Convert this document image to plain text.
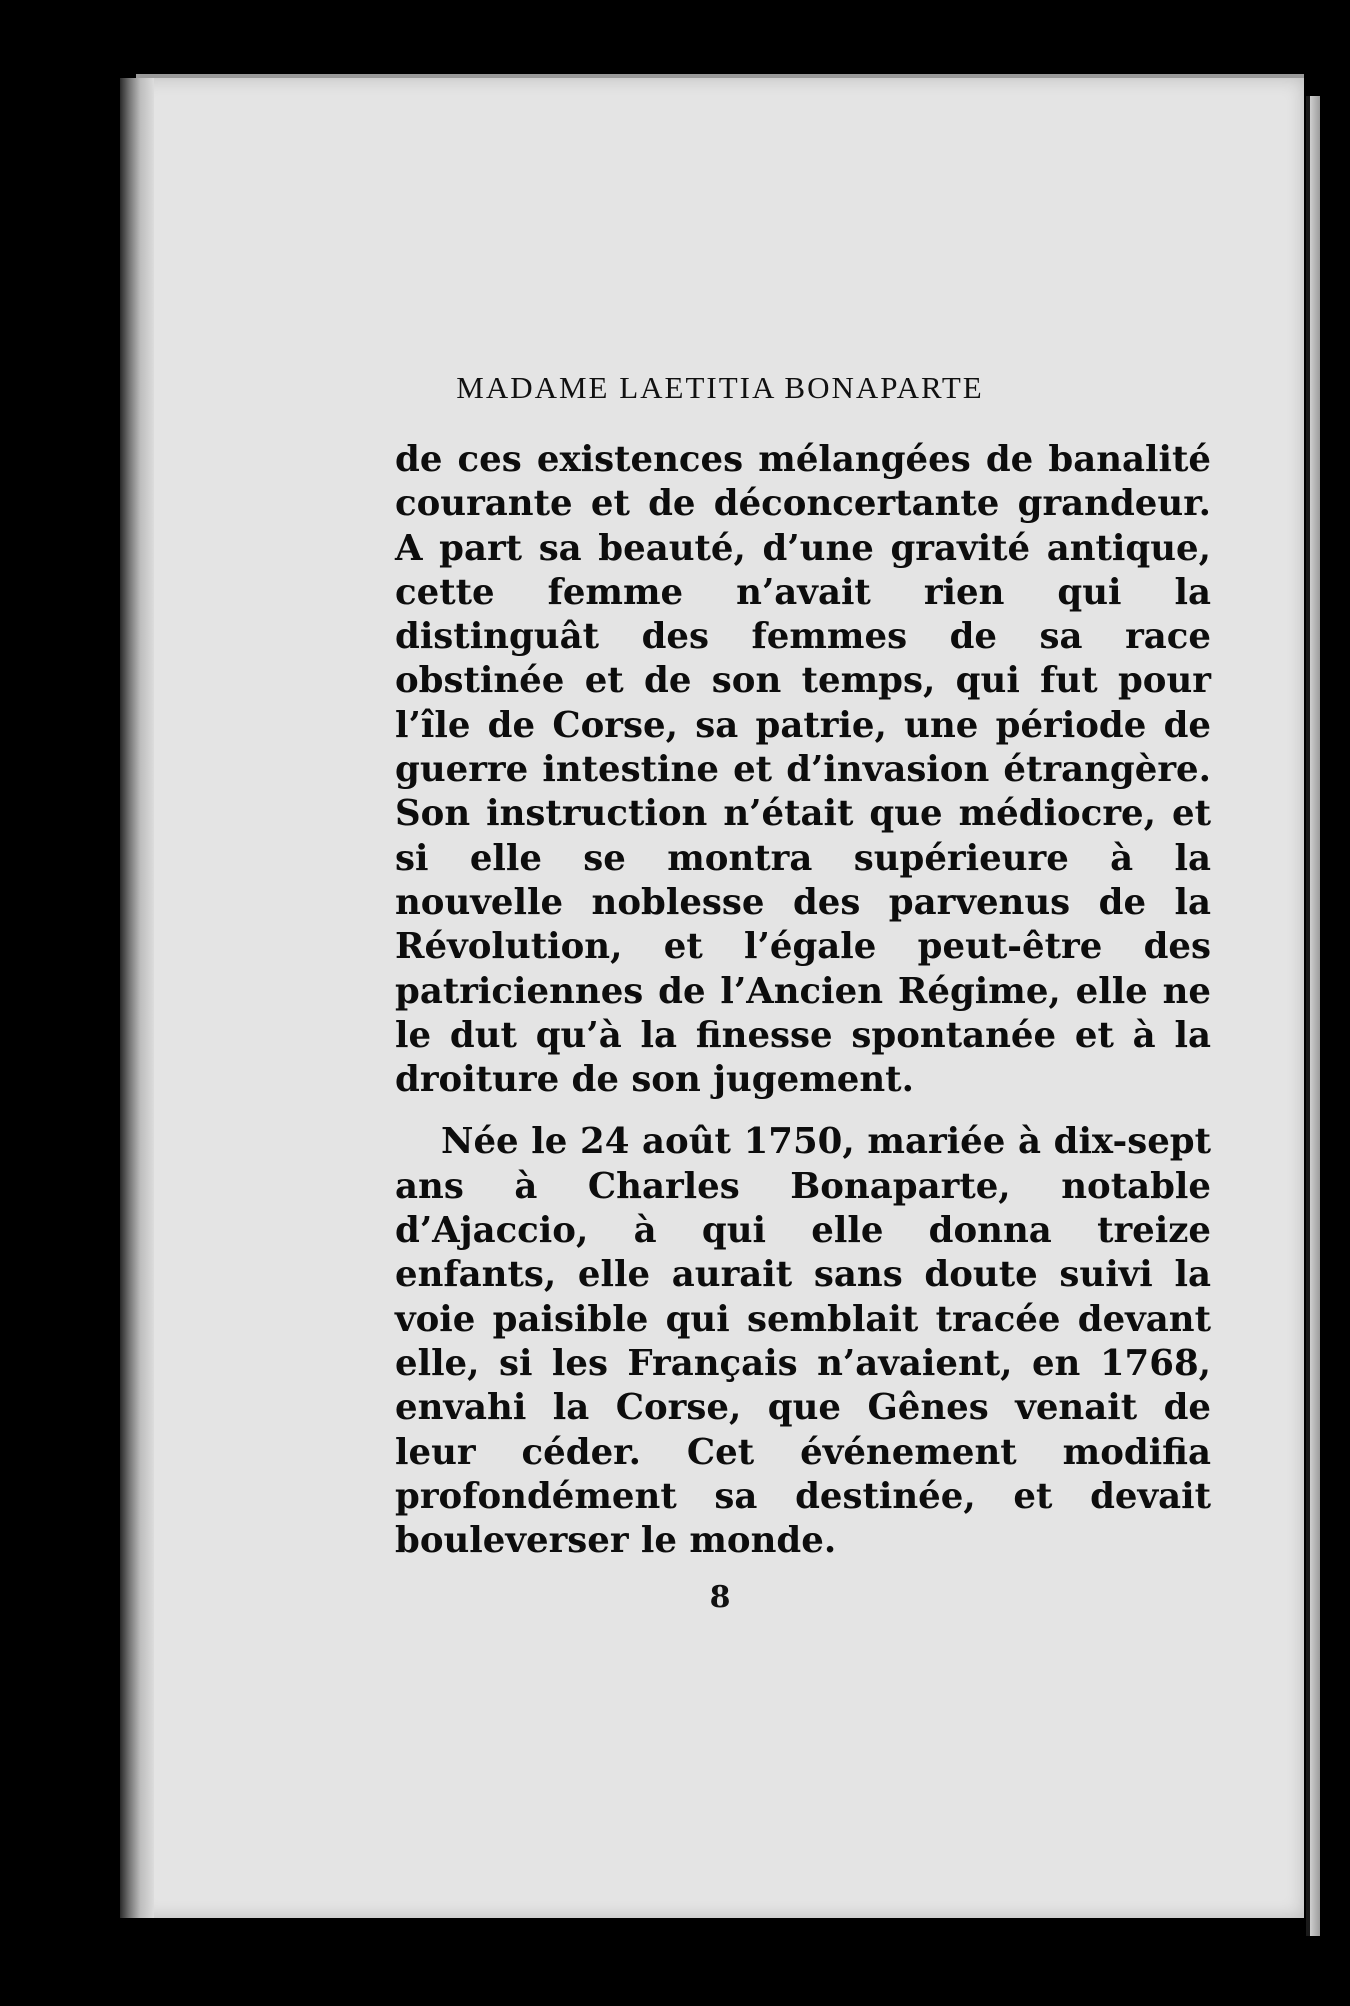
MADAME LAETITIA BONAPARTE

de ces existences mélangées de banalité courante et de déconcertante grandeur. A part sa beauté, d’une gravité antique, cette femme n’avait rien qui la distinguât des femmes de sa race obstinée et de son temps, qui fut pour l’île de Corse, sa patrie, une période de guerre intestine et d’invasion étrangère. Son instruction n’était que médiocre, et si elle se montra supérieure à la nouvelle noblesse des parvenus de la Révolution, et l’égale peut-être des patriciennes de l’Ancien Régime, elle ne le dut qu’à la finesse spontanée et à la droiture de son jugement.

Née le 24 août 1750, mariée à dix-sept ans à Charles Bonaparte, notable d’Ajaccio, à qui elle donna treize enfants, elle aurait sans doute suivi la voie paisible qui semblait tracée devant elle, si les Français n’avaient, en 1768, envahi la Corse, que Gênes venait de leur céder. Cet événement modifia profondément sa destinée, et devait bouleverser le monde.

8
